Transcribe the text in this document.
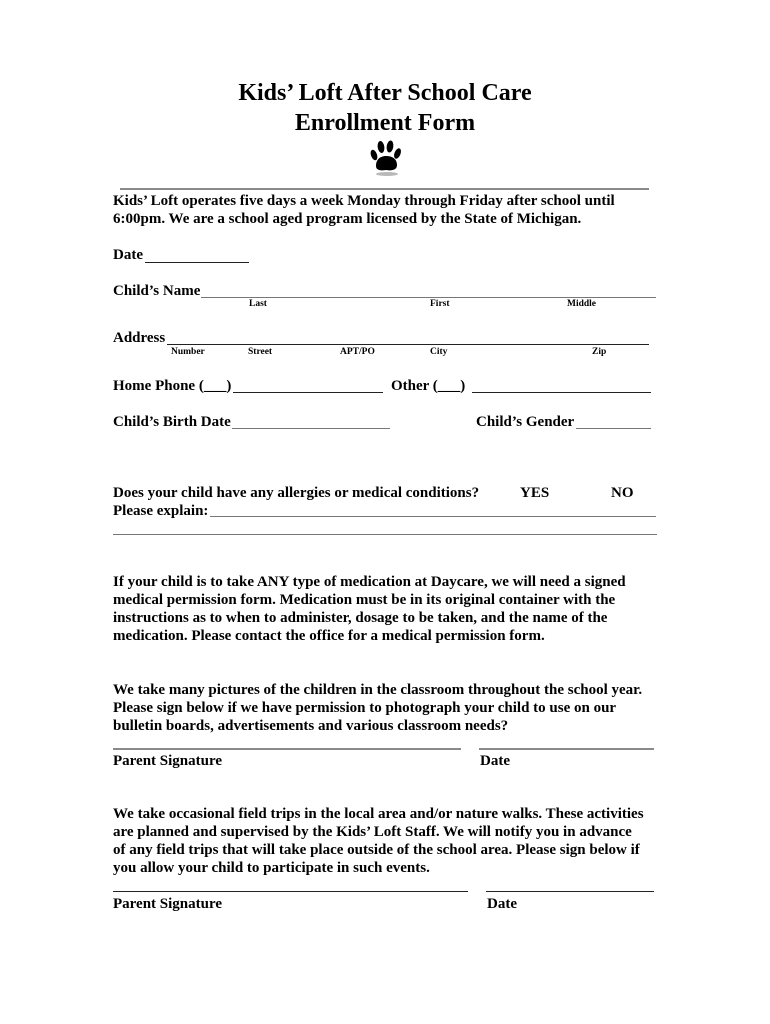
Kids’ Loft After School Care
Enrollment Form
Kids’ Loft operates five days a week Monday through Friday after school until
6:00pm. We are a school aged program licensed by the State of Michigan.
Date
Child’s Name
Last	First	Middle
Address
Number	Street	APT/PO	City	Zip
Home Phone (___)	Other (___)
Child’s Birth Date	Child’s Gender
Does your child have any allergies or medical conditions?	YES	NO
Please explain:
If your child is to take ANY type of medication at Daycare, we will need a signed
medical permission form. Medication must be in its original container with the
instructions as to when to administer, dosage to be taken, and the name of the
medication. Please contact the office for a medical permission form.
We take many pictures of the children in the classroom throughout the school year.
Please sign below if we have permission to photograph your child to use on our
bulletin boards, advertisements and various classroom needs?
Parent Signature	Date
We take occasional field trips in the local area and/or nature walks. These activities
are planned and supervised by the Kids’ Loft Staff. We will notify you in advance
of any field trips that will take place outside of the school area. Please sign below if
you allow your child to participate in such events.
Parent Signature	Date
